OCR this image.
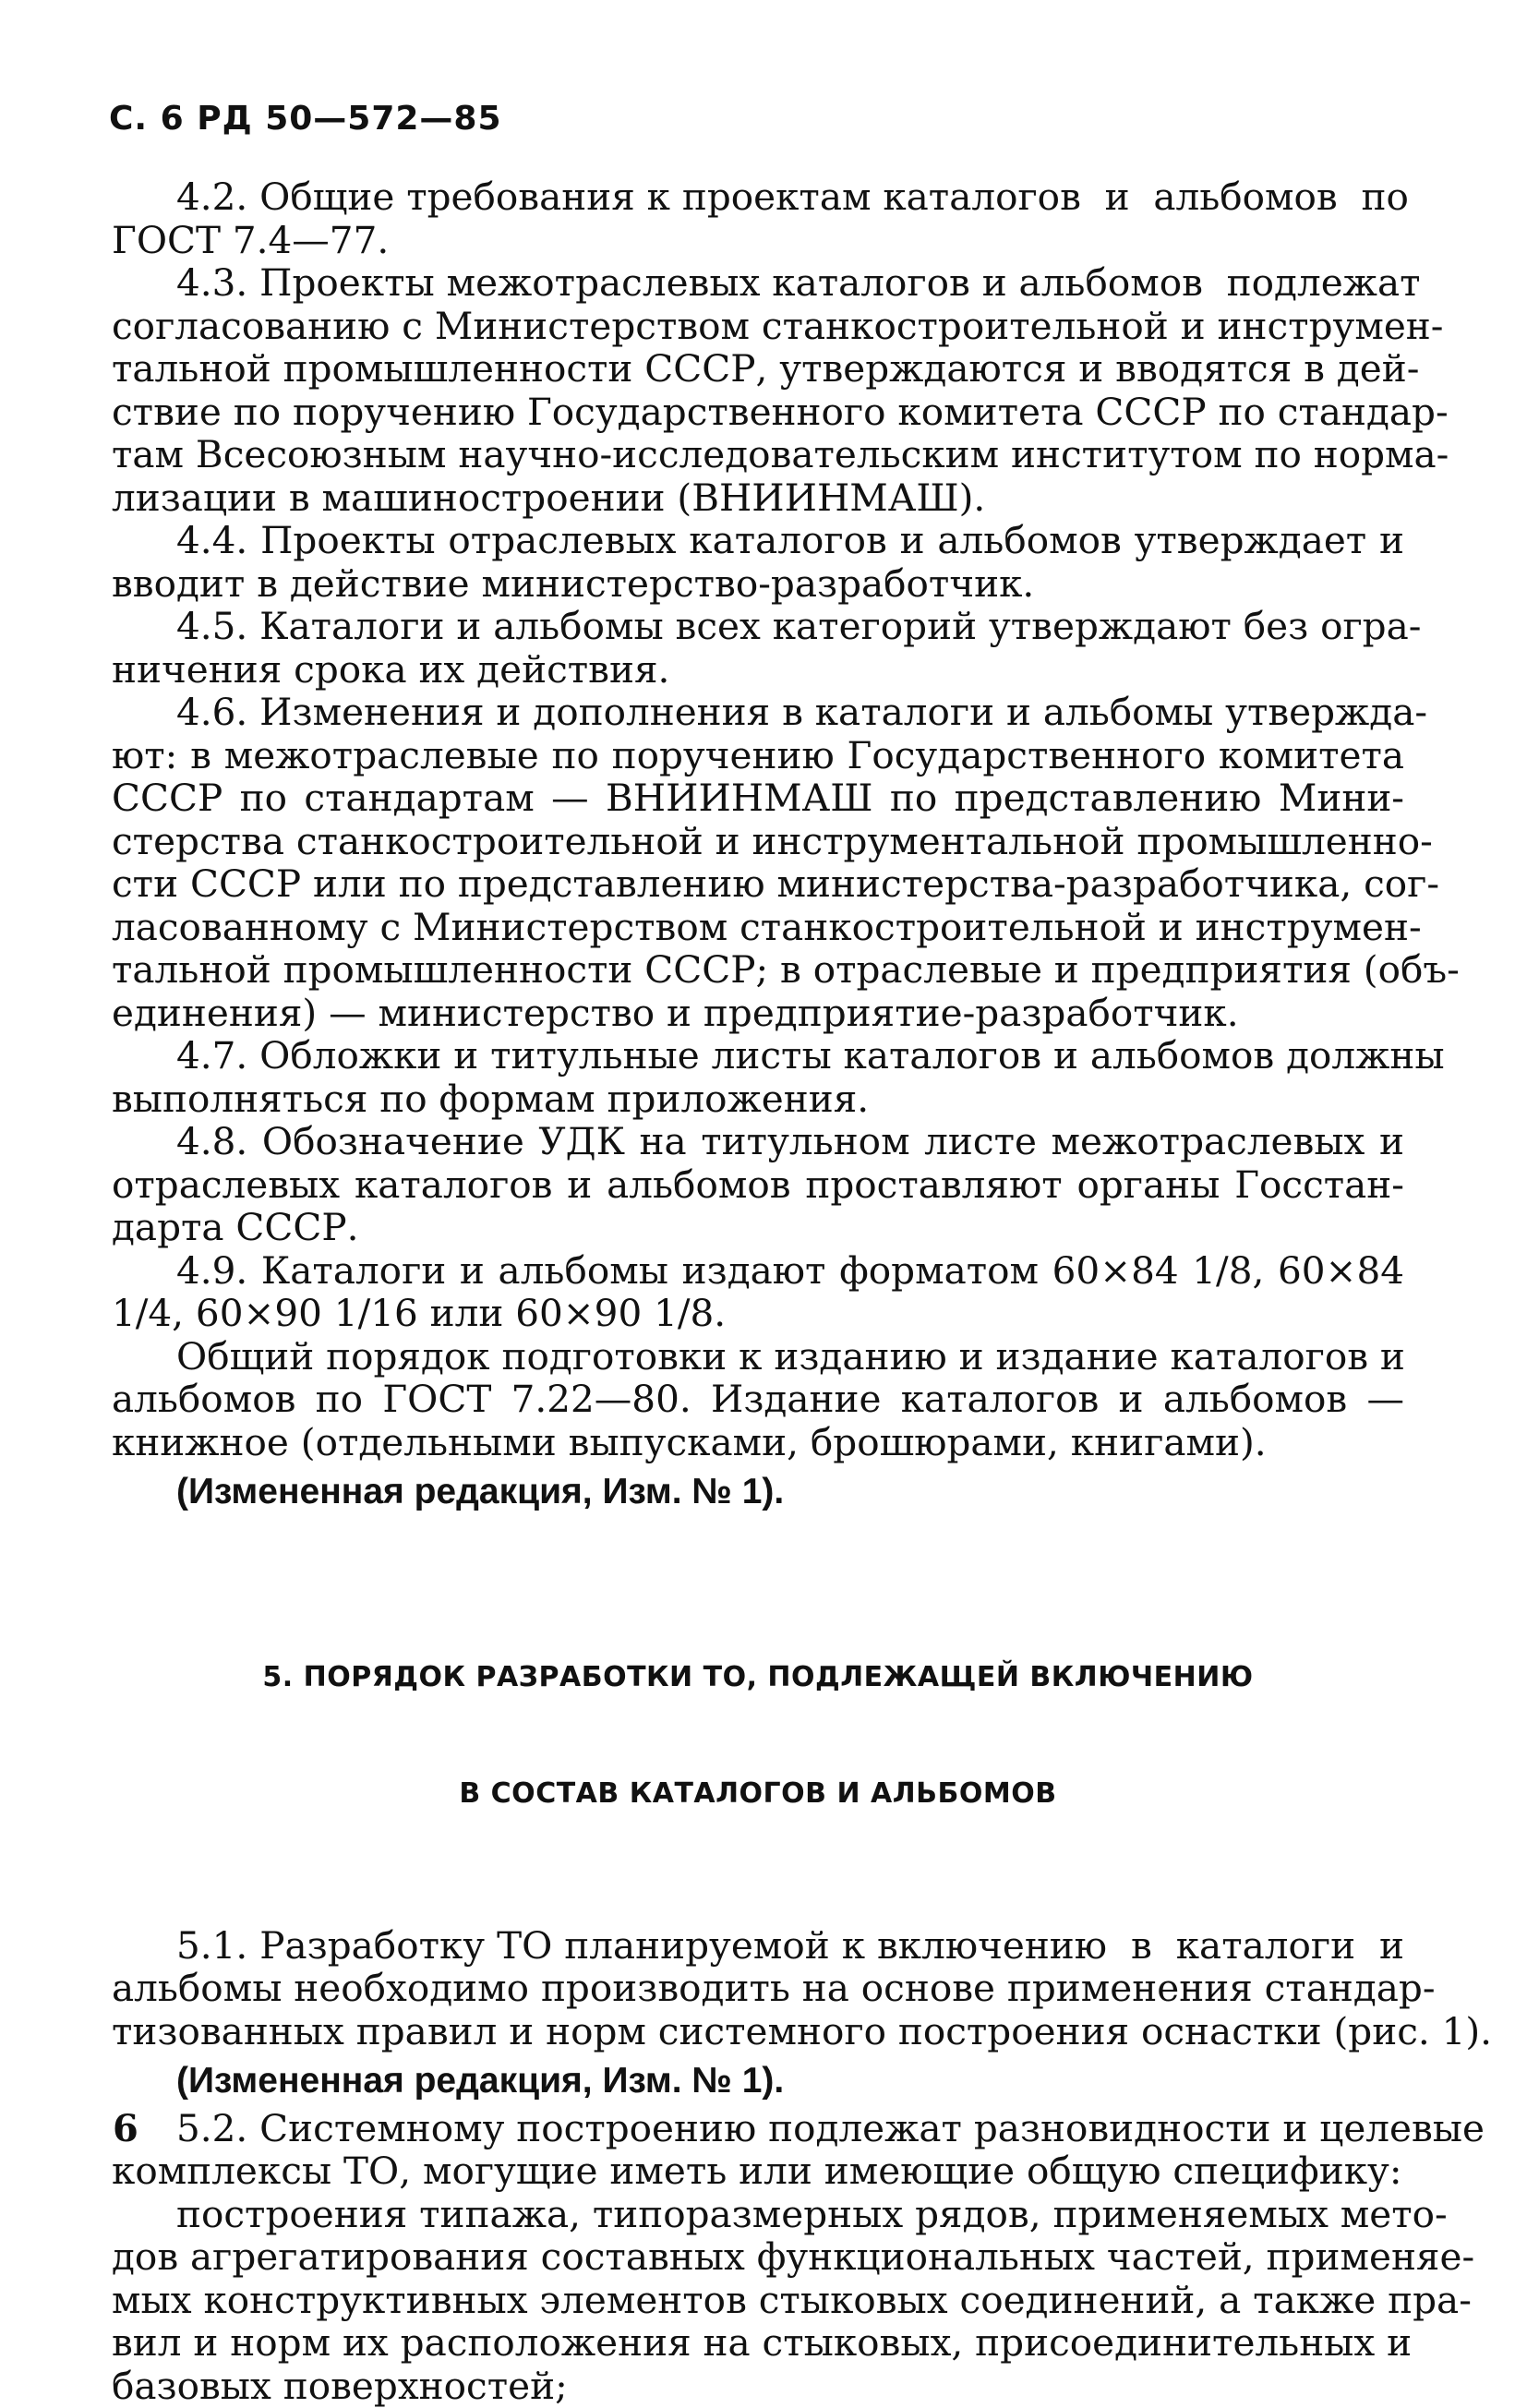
С. 6 РД 50—572—85
4.2. Общие требования к проектам каталогов  и  альбомов  по
ГОСТ 7.4—77.
4.3. Проекты межотраслевых каталогов и альбомов  подлежат
согласованию с Министерством станкостроительной и инструмен-
тальной промышленности СССР, утверждаются и вводятся в дей-
ствие по поручению Государственного комитета СССР по стандар-
там Всесоюзным научно-исследовательским институтом по норма-
лизации в машиностроении (ВНИИНМАШ).
4.4. Проекты отраслевых каталогов и альбомов утверждает и
вводит в действие министерство-разработчик.
4.5. Каталоги и альбомы всех категорий утверждают без огра-
ничения срока их действия.
4.6. Изменения и дополнения в каталоги и альбомы утвержда-
ют: в межотраслевые по поручению Государственного комитета
СССР по стандартам — ВНИИНМАШ по представлению Мини-
стерства станкостроительной и инструментальной промышленно-
сти СССР или по представлению министерства-разработчика, сог-
ласованному с Министерством станкостроительной и инструмен-
тальной промышленности СССР; в отраслевые и предприятия (объ-
единения) — министерство и предприятие-разработчик.
4.7. Обложки и титульные листы каталогов и альбомов должны
выполняться по формам приложения.
4.8. Обозначение УДК на титульном листе межотраслевых и
отраслевых каталогов и альбомов проставляют органы Госстан-
дарта СССР.
4.9. Каталоги и альбомы издают форматом 60×84 1/8, 60×84
1/4, 60×90 1/16 или 60×90 1/8.
Общий порядок подготовки к изданию и издание каталогов и
альбомов по ГОСТ 7.22—80. Издание каталогов и альбомов —
книжное (отдельными выпусками, брошюрами, книгами).
(Измененная редакция, Изм. № 1).

5. ПОРЯДОК РАЗРАБОТКИ ТО, ПОДЛЕЖАЩЕЙ ВКЛЮЧЕНИЮ

В СОСТАВ КАТАЛОГОВ И АЛЬБОМОВ

5.1. Разработку ТО планируемой к включению  в  каталоги  и
альбомы необходимо производить на основе применения стандар-
тизованных правил и норм системного построения оснастки (рис. 1).
(Измененная редакция, Изм. № 1).
5.2. Системному построению подлежат разновидности и целевые
комплексы ТО, могущие иметь или имеющие общую специфику:
построения типажа, типоразмерных рядов, применяемых мето-
дов агрегатирования составных функциональных частей, применяе-
мых конструктивных элементов стыковых соединений, а также пра-
вил и норм их расположения на стыковых, присоединительных и
базовых поверхностей;
6
